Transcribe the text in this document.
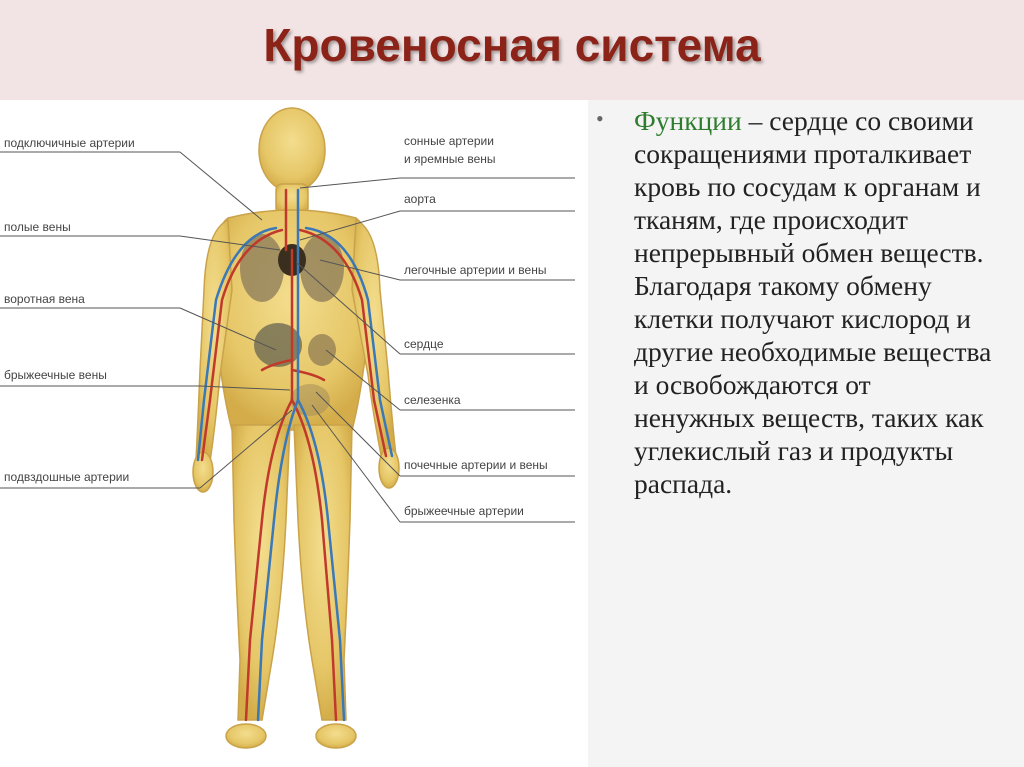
Кровеносная система
подключичные артерии	сонные артерии
и яремные вены
аорта
полые вены
легочные артерии и вены
воротная вена
сердце
брыжеечные вены
селезенка
подвздошные артерии
почечные артерии и вены
брыжеечные артерии
• Функции – сердце со своими сокращениями проталкивает кровь по сосудам к органам и тканям, где происходит непрерывный обмен веществ. Благодаря такому обмену клетки получают кислород и другие необходимые вещества и освобождаются от ненужных веществ, таких как углекислый газ и продукты распада.
